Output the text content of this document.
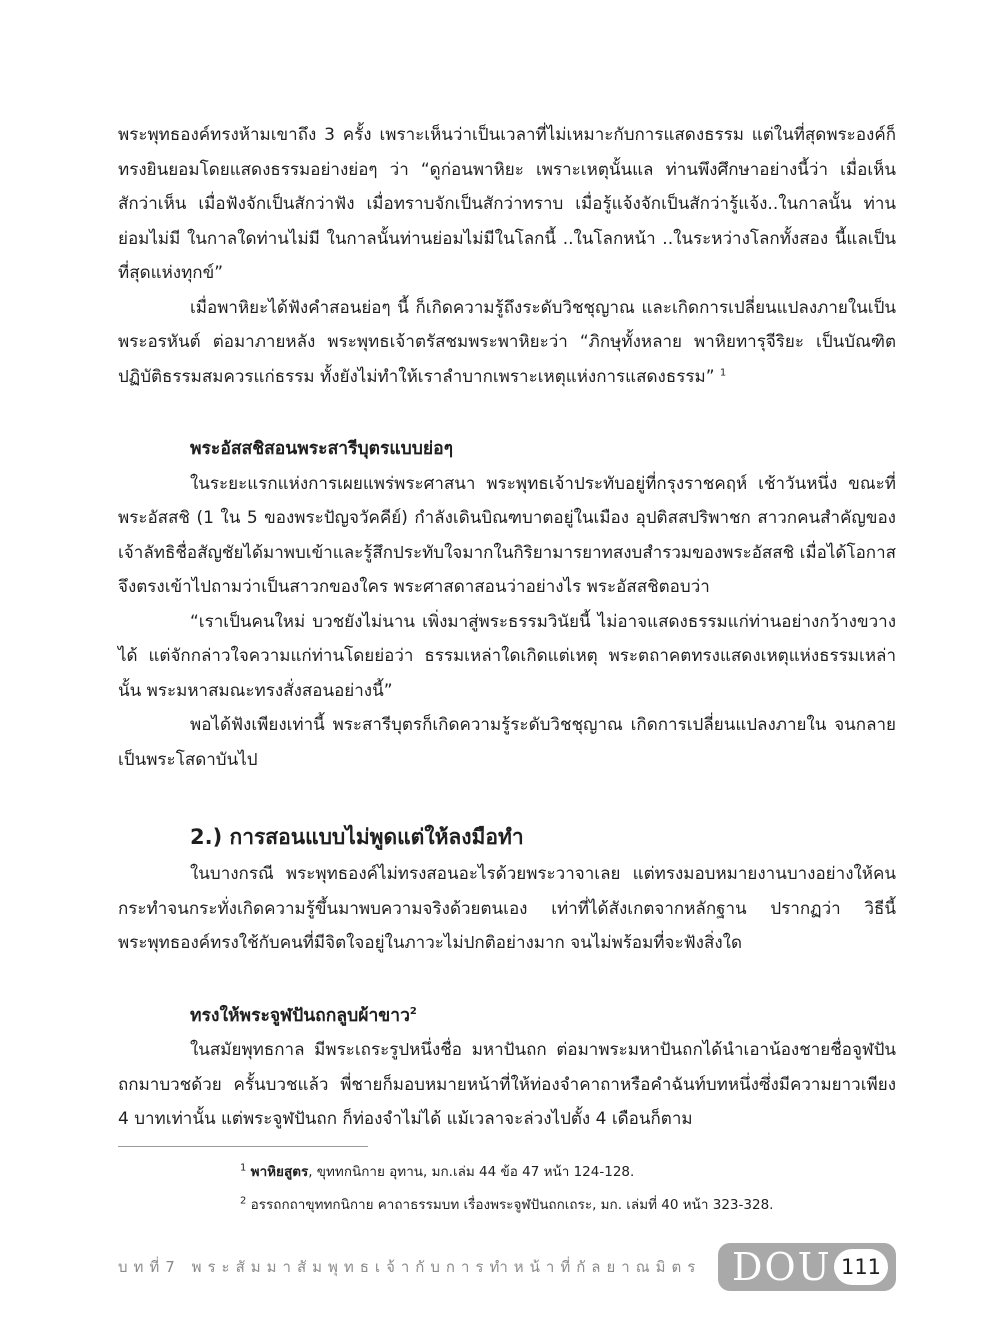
พระพุทธองค์ทรงห้ามเขาถึง 3 ครั้ง เพราะเห็นว่าเป็นเวลาที่ไม่เหมาะกับการแสดงธรรม แต่ในที่สุดพระองค์ก็ทรงยินยอมโดยแสดงธรรมอย่างย่อๆ ว่า “ดูก่อนพาหิยะ เพราะเหตุนั้นแล ท่านพึงศึกษาอย่างนี้ว่า เมื่อเห็นสักว่าเห็น เมื่อฟังจักเป็นสักว่าฟัง เมื่อทราบจักเป็นสักว่าทราบ เมื่อรู้แจ้งจักเป็นสักว่ารู้แจ้ง..ในกาลนั้น ท่านย่อมไม่มี ในกาลใดท่านไม่มี ในกาลนั้นท่านย่อมไม่มีในโลกนี้ ..ในโลกหน้า ..ในระหว่างโลกทั้งสอง นี้แลเป็นที่สุดแห่งทุกข์”

เมื่อพาหิยะได้ฟังคำสอนย่อๆ นี้ ก็เกิดความรู้ถึงระดับวิชชุญาณ และเกิดการเปลี่ยนแปลงภายในเป็นพระอรหันต์ ต่อมาภายหลัง พระพุทธเจ้าตรัสชมพระพาหิยะว่า “ภิกษุทั้งหลาย พาหิยทารุจีริยะ เป็นบัณฑิต ปฏิบัติธรรมสมควรแก่ธรรม ทั้งยังไม่ทำให้เราลำบากเพราะเหตุแห่งการแสดงธรรม” $^1$

พระอัสสชิสอนพระสารีบุตรแบบย่อๆ

ในระยะแรกแห่งการเผยแพร่พระศาสนา พระพุทธเจ้าประทับอยู่ที่กรุงราชคฤห์ เช้าวันหนึ่ง ขณะที่พระอัสสชิ (1 ใน 5 ของพระปัญจวัคคีย์) กำลังเดินบิณฑบาตอยู่ในเมือง อุปติสสปริพาชก สาวกคนสำคัญของเจ้าลัทธิชื่อสัญชัยได้มาพบเข้าและรู้สึกประทับใจมากในกิริยามารยาทสงบสำรวมของพระอัสสชิ เมื่อได้โอกาสจึงตรงเข้าไปถามว่าเป็นสาวกของใคร พระศาสดาสอนว่าอย่างไร พระอัสสชิตอบว่า

“เราเป็นคนใหม่ บวชยังไม่นาน เพิ่งมาสู่พระธรรมวินัยนี้ ไม่อาจแสดงธรรมแก่ท่านอย่างกว้างขวางได้ แต่จักกล่าวใจความแก่ท่านโดยย่อว่า ธรรมเหล่าใดเกิดแต่เหตุ พระตถาคตทรงแสดงเหตุแห่งธรรมเหล่านั้น พระมหาสมณะทรงสั่งสอนอย่างนี้”

พอได้ฟังเพียงเท่านี้ พระสารีบุตรก็เกิดความรู้ระดับวิชชุญาณ เกิดการเปลี่ยนแปลงภายใน จนกลายเป็นพระโสดาบันไป

2.) การสอนแบบไม่พูดแต่ให้ลงมือทำ

ในบางกรณี พระพุทธองค์ไม่ทรงสอนอะไรด้วยพระวาจาเลย แต่ทรงมอบหมายงานบางอย่างให้คนกระทำจนกระทั่งเกิดความรู้ขึ้นมาพบความจริงด้วยตนเอง เท่าที่ได้สังเกตจากหลักฐาน ปรากฏว่า วิธีนี้พระพุทธองค์ทรงใช้กับคนที่มีจิตใจอยู่ในภาวะไม่ปกติอย่างมาก จนไม่พร้อมที่จะฟังสิ่งใด

ทรงให้พระจูฬปันถกลูบผ้าขาว$^2$

ในสมัยพุทธกาล มีพระเถระรูปหนึ่งชื่อ มหาปันถก ต่อมาพระมหาปันถกได้นำเอาน้องชายชื่อจูฬปันถกมาบวชด้วย ครั้นบวชแล้ว พี่ชายก็มอบหมายหน้าที่ให้ท่องจำคาถาหรือคำฉันท์บทหนึ่งซึ่งมีความยาวเพียง 4 บาทเท่านั้น แต่พระจูฬปันถก ก็ท่องจำไม่ได้ แม้เวลาจะล่วงไปตั้ง 4 เดือนก็ตาม

$^1$ พาหิยสูตร, ขุททกนิกาย อุทาน, มก.เล่ม 44 ข้อ 47 หน้า 124-128.

$^2$ อรรถกถาขุททกนิกาย คาถาธรรมบท เรื่องพระจูฬปันถกเถระ, มก. เล่มที่ 40 หน้า 323-328.

บทที่7 พระสัมมาสัมพุทธเจ้ากับการทำหน้าที่กัลยาณมิตร DOU 111
